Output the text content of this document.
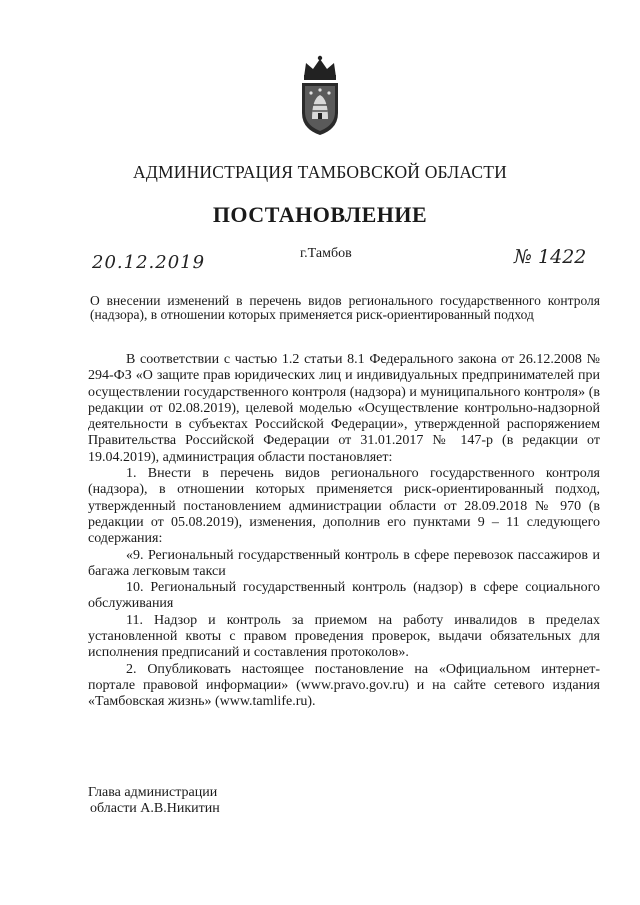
АДМИНИСТРАЦИЯ ТАМБОВСКОЙ ОБЛАСТИ
ПОСТАНОВЛЕНИЕ
20.12.2019	г.Тамбов	№ 1422
О внесении изменений в перечень видов регионального государственного контроля (надзора), в отношении которых применяется риск-ориентированный подход

В соответствии с частью 1.2 статьи 8.1 Федерального закона от 26.12.2008 № 294-ФЗ «О защите прав юридических лиц и индивидуальных предпринимателей при осуществлении государственного контроля (надзора) и муниципального контроля» (в редакции от 02.08.2019), целевой моделью «Осуществление контрольно-надзорной деятельности в субъектах Российской Федерации», утвержденной распоряжением Правительства Российской Федерации от 31.01.2017 № 147-р (в редакции от 19.04.2019), администрация области постановляет:

1. Внести в перечень видов регионального государственного контроля (надзора), в отношении которых применяется риск-ориентированный подход, утвержденный постановлением администрации области от 28.09.2018 № 970 (в редакции от 05.08.2019), изменения, дополнив его пунктами 9 – 11 следующего содержания:

«9. Региональный государственный контроль в сфере перевозок пассажиров и багажа легковым такси

10. Региональный государственный контроль (надзор) в сфере социального обслуживания

11. Надзор и контроль за приемом на работу инвалидов в пределах установленной квоты с правом проведения проверок, выдачи обязательных для исполнения предписаний и составления протоколов».

2. Опубликовать настоящее постановление на «Официальном интернет-портале правовой информации» (www.pravo.gov.ru) и на сайте сетевого издания «Тамбовская жизнь» (www.tamlife.ru).

Глава администрации
области А.В.Никитин
